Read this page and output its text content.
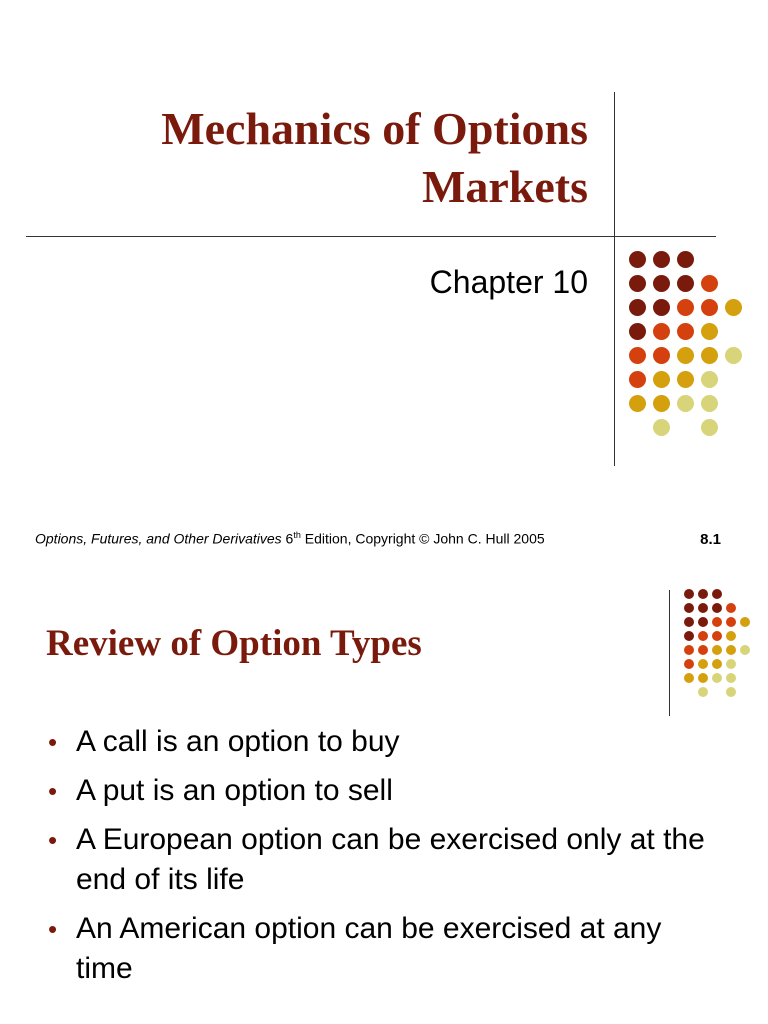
Mechanics of Options
Markets
Chapter 10
Options, Futures, and Other Derivatives 6th Edition, Copyright © John C. Hull 2005	8.1
Review of Option Types
• A call is an option to buy
• A put is an option to sell
• A European option can be exercised only at the end of its life
• An American option can be exercised at any time
